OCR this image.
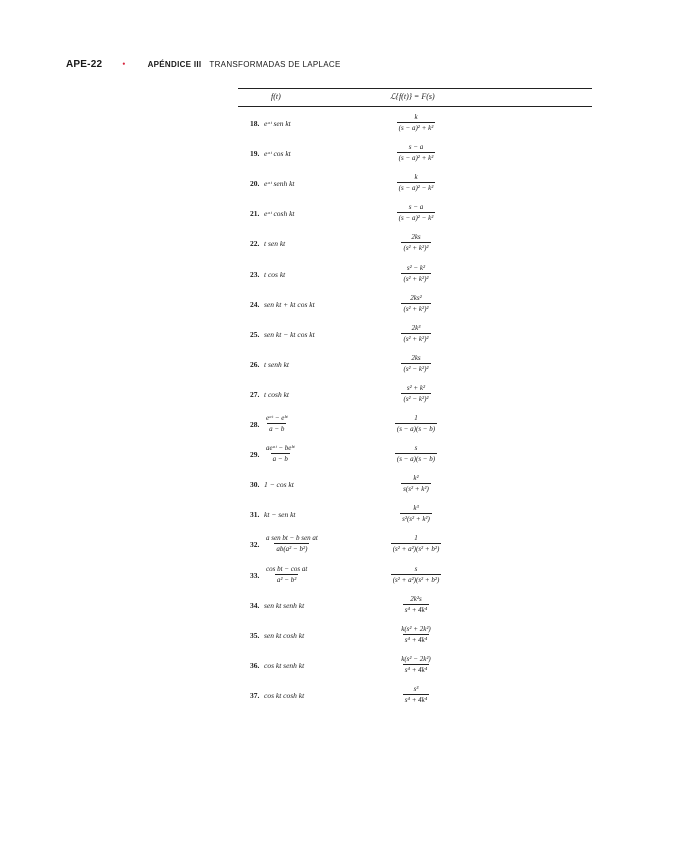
APE-22 •	APÉNDICE III TRANSFORMADAS DE LAPLACE
f(t)	ℒ{f(t)} = F(s)
18. eᵃᵗ sen kt	$\frac{k}{\text{(s − a)² + k²}}$
19. eᵃᵗ cos kt	$\frac{s - a}{\text{(s − a)² + k²}}$
20. eᵃᵗ senh kt	$\frac{k}{\text{(s − a)² − k²}}$
21. eᵃᵗ cosh kt	$\frac{s - a}{\text{(s − a)² − k²}}$
22. t sen kt	$\frac{2ks}{\text{(s² + k²)²}}$
23. t cos kt	$\frac{\text{s² − k²}}{\text{(s² + k²)²}}$
24. sen kt + kt cos kt	$\frac{\text{2ks²}}{\text{(s² + k²)²}}$
25. sen kt − kt cos kt	$\frac{\text{2k³}}{\text{(s² + k²)²}}$
26. t senh kt	$\frac{2ks}{\text{(s² − k²)²}}$
27. t cosh kt	$\frac{\text{s² + k²}}{\text{(s² − k²)²}}$
28.
eᵃᵗ − eᵇᵗ
a − b	$\frac{1}{(s - a)(s - b)}$
29.
aeᵃᵗ − beᵇᵗ
a − b	$\frac{s}{(s - a)(s - b)}$
30. 1 − cos kt	$\frac{\text{k²}}{\text{s(s² + k²)}}$
31. kt − sen kt	$\frac{\text{k³}}{\text{s²(s² + k²)}}$
32.
a sen bt − b sen at
ab(a² − b²)	$\frac{1}{\text{(s² + a²)(s² + b²)}}$
33. $\frac{\text{cos bt − cos at}}{\text{a² − b²}}$	$\frac{s}{\text{(s² + a²)(s² + b²)}}$
34. sen kt senh kt	$\frac{\text{2k²s}}{\text{s⁴ + 4k⁴}}$
35. sen kt cosh kt	$\frac{\text{k(s² + 2k²)}}{\text{s⁴ + 4k⁴}}$
36. cos kt senh kt	$\frac{\text{k(s² − 2k²)}}{\text{s⁴ + 4k⁴}}$
37. cos kt cosh kt	$\frac{\text{s³}}{\text{s⁴ + 4k⁴}}$
